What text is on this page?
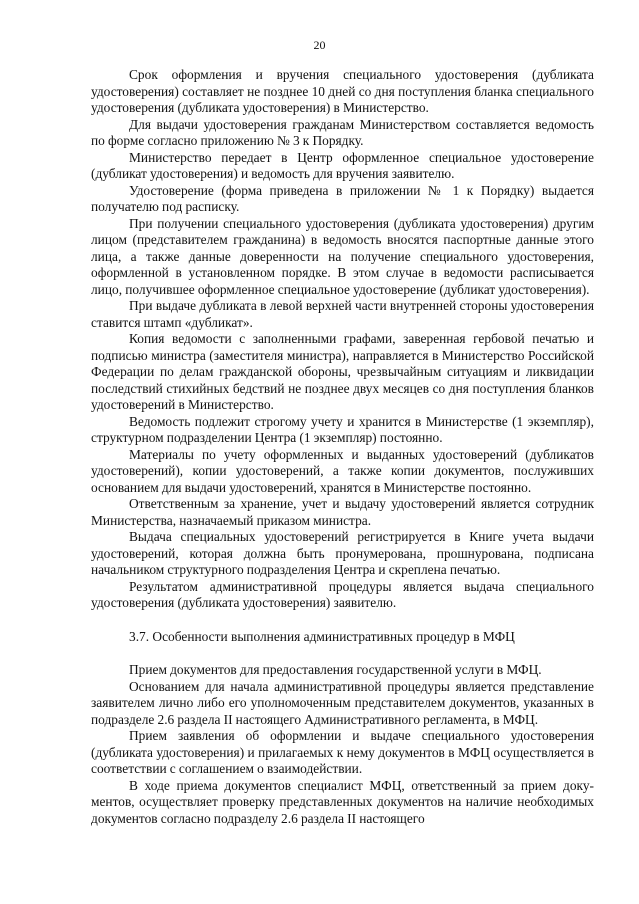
20

Срок оформления и вручения специального удостоверения (дубликата удостоверения) составляет не позднее 10 дней со дня поступления бланка специального удостоверения (дубликата удостоверения) в Министерство.

Для выдачи удостоверения гражданам Министерством составляется ведомость по форме согласно приложению № 3 к Порядку.

Министерство передает в Центр оформленное специальное удостоверение (дубликат удостоверения) и ведомость для вручения заявителю.

Удостоверение (форма приведена в приложении № 1 к Порядку) выдается получателю под расписку.

При получении специального удостоверения (дубликата удостоверения) другим лицом (представителем гражданина) в ведомость вносятся паспортные данные этого лица, а также данные доверенности на получение специального удостоверения, оформленной в установленном порядке. В этом случае в ведомости расписывается лицо, получившее оформленное специальное удостоверение (дубликат удостоверения).

При выдаче дубликата в левой верхней части внутренней стороны удостоверения ставится штамп «дубликат».

Копия ведомости с заполненными графами, заверенная гербовой печатью и подписью министра (заместителя министра), направляется в Министерство Российской Федерации по делам гражданской обороны, чрезвычайным ситуациям и ликвидации последствий стихийных бедствий не позднее двух месяцев со дня поступления бланков удостоверений в Министерство.

Ведомость подлежит строгому учету и хранится в Министерстве (1 экземпляр), структурном подразделении Центра (1 экземпляр) постоянно.

Материалы по учету оформленных и выданных удостоверений (дубликатов удостоверений), копии удостоверений, а также копии документов, послуживших основанием для выдачи удостоверений, хранятся в Министерстве постоянно.

Ответственным за хранение, учет и выдачу удостоверений является сотрудник Министерства, назначаемый приказом министра.

Выдача специальных удостоверений регистрируется в Книге учета выдачи удостоверений, которая должна быть пронумерована, прошнурована, подписана начальником структурного подразделения Центра и скреплена печатью.

Результатом административной процедуры является выдача специального удостоверения (дубликата удостоверения) заявителю.

3.7. Особенности выполнения административных процедур в МФЦ

Прием документов для предоставления государственной услуги в МФЦ.

Основанием для начала административной процедуры является представление заявителем лично либо его уполномоченным представителем документов, указанных в подразделе 2.6 раздела II настоящего Административного регламента, в МФЦ.

Прием заявления об оформлении и выдаче специального удостоверения (дубликата удостоверения) и прилагаемых к нему документов в МФЦ осуществляется в соответствии с соглашением о взаимодействии.

В ходе приема документов специалист МФЦ, ответственный за прием доку-ментов, осуществляет проверку представленных документов на наличие необходимых документов согласно подразделу 2.6 раздела II настоящего
